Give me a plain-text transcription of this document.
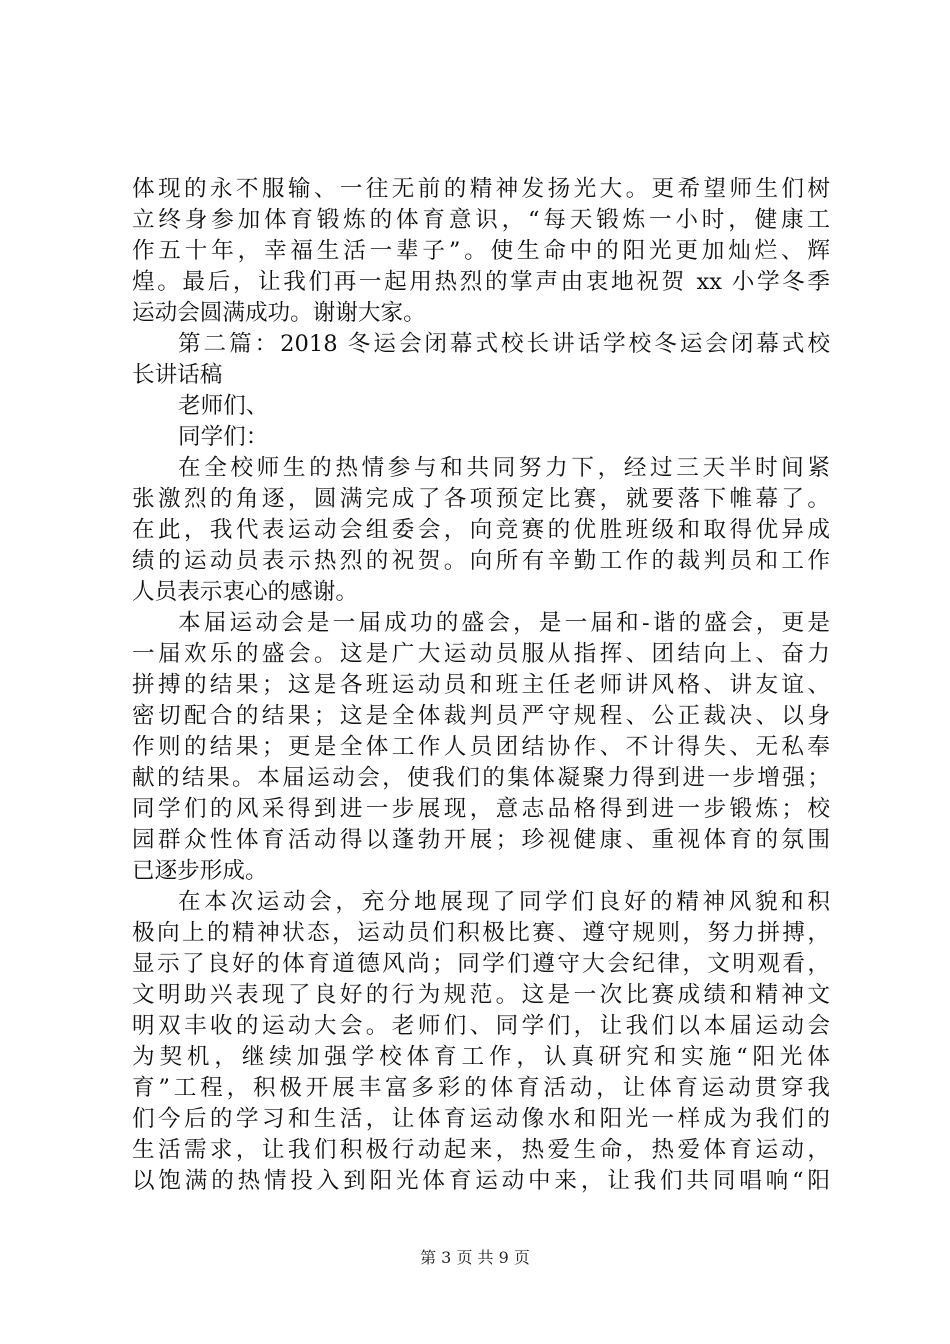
体现的永不服输、一往无前的精神发扬光大。更希望师生们树
立终身参加体育锻炼的体育意识，“每天锻炼一小时，健康工
作五十年，幸福生活一辈子”。使生命中的阳光更加灿烂、辉
煌。最后，让我们再一起用热烈的掌声由衷地祝贺 xx 小学冬季
运动会圆满成功。谢谢大家。
第二篇：2018 冬运会闭幕式校长讲话学校冬运会闭幕式校
长讲话稿
老师们、
同学们：
在全校师生的热情参与和共同努力下，经过三天半时间紧
张激烈的角逐，圆满完成了各项预定比赛，就要落下帷幕了。
在此，我代表运动会组委会，向竞赛的优胜班级和取得优异成
绩的运动员表示热烈的祝贺。向所有辛勤工作的裁判员和工作
人员表示衷心的感谢。
本届运动会是一届成功的盛会，是一届和-谐的盛会，更是
一届欢乐的盛会。这是广大运动员服从指挥、团结向上、奋力
拼搏的结果；这是各班运动员和班主任老师讲风格、讲友谊、
密切配合的结果；这是全体裁判员严守规程、公正裁决、以身
作则的结果；更是全体工作人员团结协作、不计得失、无私奉
献的结果。本届运动会，使我们的集体凝聚力得到进一步增强；
同学们的风采得到进一步展现，意志品格得到进一步锻炼；校
园群众性体育活动得以蓬勃开展；珍视健康、重视体育的氛围
已逐步形成。
在本次运动会，充分地展现了同学们良好的精神风貌和积
极向上的精神状态，运动员们积极比赛、遵守规则，努力拼搏，
显示了良好的体育道德风尚；同学们遵守大会纪律，文明观看，
文明助兴表现了良好的行为规范。这是一次比赛成绩和精神文
明双丰收的运动大会。老师们、同学们，让我们以本届运动会
为契机，继续加强学校体育工作，认真研究和实施“阳光体
育”工程，积极开展丰富多彩的体育活动，让体育运动贯穿我
们今后的学习和生活，让体育运动像水和阳光一样成为我们的
生活需求，让我们积极行动起来，热爱生命，热爱体育运动，
以饱满的热情投入到阳光体育运动中来，让我们共同唱响“阳
第 3 页 共 9 页
